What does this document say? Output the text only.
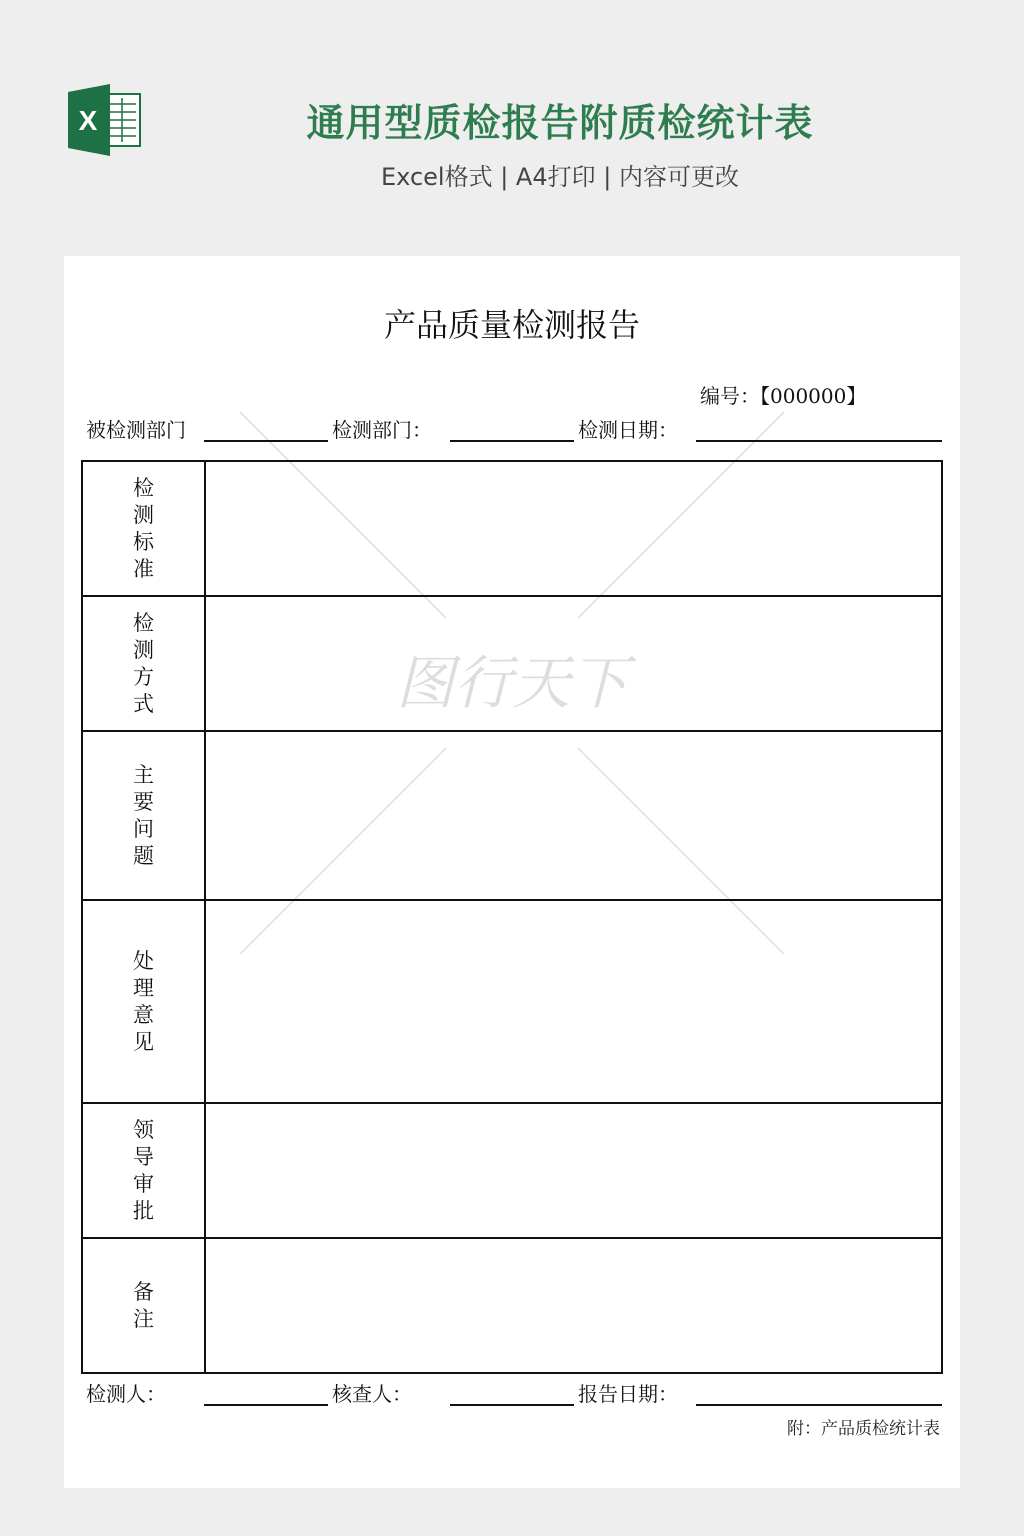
X	通用型质检报告附质检统计表
Excel格式 | A4打印 | 内容可更改
图行天下
产品质量检测报告
编号：【000000】
被检测部门	检测部门：	检测日期：
检测标准	
检测方式	
主要问题	
处理意见	
领导审批	
备注	
检测人：	核查人：	报告日期：
附：产品质检统计表
